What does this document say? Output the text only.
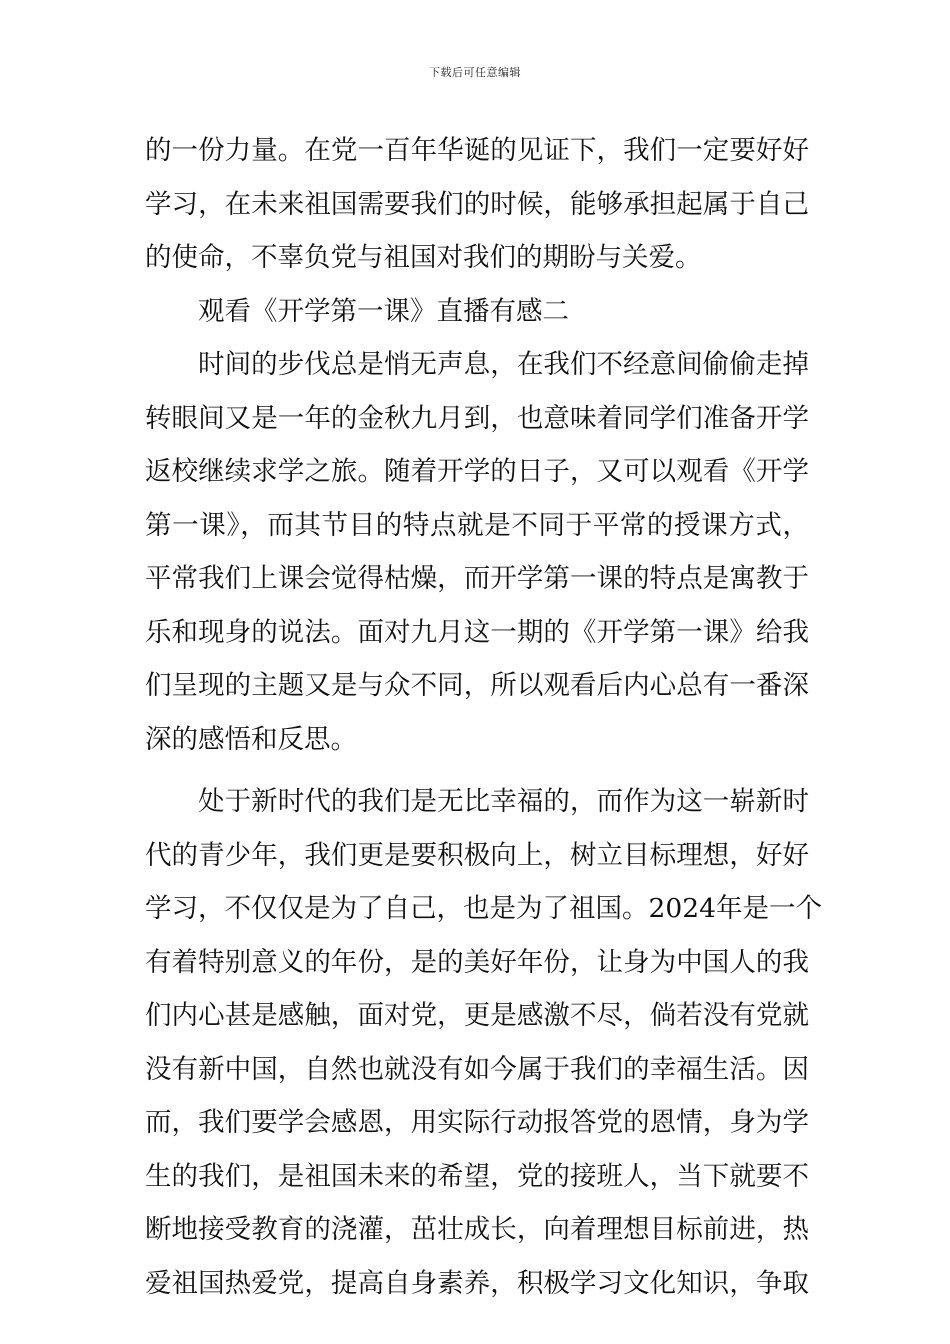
下载后可任意编辑
的一份力量。在党一百年华诞的见证下，我们一定要好好
学习，在未来祖国需要我们的时候，能够承担起属于自己
的使命，不辜负党与祖国对我们的期盼与关爱。
观看《开学第一课》直播有感二
时间的步伐总是悄无声息，在我们不经意间偷偷走掉
转眼间又是一年的金秋九月到，也意味着同学们准备开学
返校继续求学之旅。随着开学的日子，又可以观看《开学
第一课》，而其节目的特点就是不同于平常的授课方式，
平常我们上课会觉得枯燥，而开学第一课的特点是寓教于
乐和现身的说法。面对九月这一期的《开学第一课》给我
们呈现的主题又是与众不同，所以观看后内心总有一番深
深的感悟和反思。
处于新时代的我们是无比幸福的，而作为这一崭新时
代的青少年，我们更是要积极向上，树立目标理想，好好
学习，不仅仅是为了自己，也是为了祖国。2024年是一个
有着特别意义的年份，是的美好年份，让身为中国人的我
们内心甚是感触，面对党，更是感激不尽，倘若没有党就
没有新中国，自然也就没有如今属于我们的幸福生活。因
而，我们要学会感恩，用实际行动报答党的恩情，身为学
生的我们，是祖国未来的希望，党的接班人，当下就要不
断地接受教育的浇灌，茁壮成长，向着理想目标前进，热
爱祖国热爱党，提高自身素养，积极学习文化知识，争取
